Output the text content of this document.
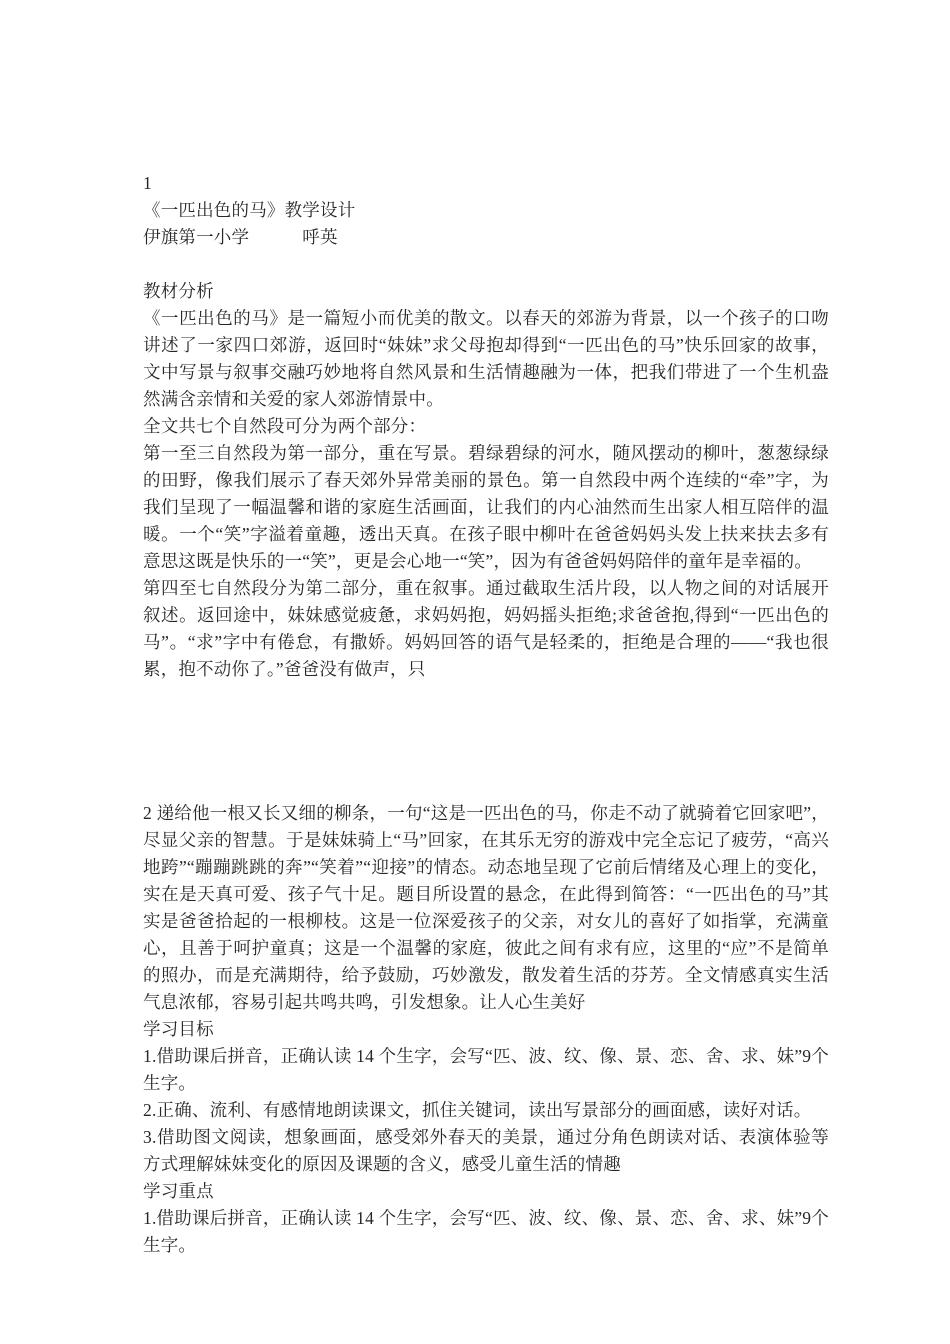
1

《一匹出色的马》教学设计

伊旗第一小学　　　呼英

教材分析

《一匹出色的马》是一篇短小而优美的散文。以春天的郊游为背景，以一个孩子的口吻讲述了一家四口郊游，返回时“妹妹”求父母抱却得到“一匹出色的马”快乐回家的故事，文中写景与叙事交融巧妙地将自然风景和生活情趣融为一体，把我们带进了一个生机盎然满含亲情和关爱的家人郊游情景中。

全文共七个自然段可分为两个部分：

第一至三自然段为第一部分，重在写景。碧绿碧绿的河水，随风摆动的柳叶，葱葱绿绿的田野，像我们展示了春天郊外异常美丽的景色。第一自然段中两个连续的“牵”字，为我们呈现了一幅温馨和谐的家庭生活画面，让我们的内心油然而生出家人相互陪伴的温暖。一个“笑”字溢着童趣，透出天真。在孩子眼中柳叶在爸爸妈妈头发上扶来扶去多有意思这既是快乐的一“笑”，更是会心地一“笑”，因为有爸爸妈妈陪伴的童年是幸福的。

第四至七自然段分为第二部分，重在叙事。通过截取生活片段，以人物之间的对话展开叙述。返回途中，妹妹感觉疲惫，求妈妈抱，妈妈摇头拒绝;求爸爸抱,得到“一匹出色的马”。“求”字中有倦怠，有撒娇。妈妈回答的语气是轻柔的，拒绝是合理的——“我也很累，抱不动你了。”爸爸没有做声，只

2 递给他一根又长又细的柳条，一句“这是一匹出色的马，你走不动了就骑着它回家吧”，尽显父亲的智慧。于是妹妹骑上“马”回家，在其乐无穷的游戏中完全忘记了疲劳，“高兴地跨”“蹦蹦跳跳的奔”“笑着”“迎接”的情态。动态地呈现了它前后情绪及心理上的变化，实在是天真可爱、孩子气十足。题目所设置的悬念，在此得到简答：“一匹出色的马”其实是爸爸拾起的一根柳枝。这是一位深爱孩子的父亲，对女儿的喜好了如指掌，充满童心，且善于呵护童真；这是一个温馨的家庭，彼此之间有求有应，这里的“应”不是简单的照办，而是充满期待，给予鼓励，巧妙激发，散发着生活的芬芳。全文情感真实生活气息浓郁，容易引起共鸣共鸣，引发想象。让人心生美好

学习目标

1.借助课后拼音，正确认读 14 个生字，会写“匹、波、纹、像、景、恋、舍、求、妹”9个生字。

2.正确、流利、有感情地朗读课文，抓住关键词，读出写景部分的画面感，读好对话。

3.借助图文阅读，想象画面，感受郊外春天的美景，通过分角色朗读对话、表演体验等方式理解妹妹变化的原因及课题的含义，感受儿童生活的情趣

学习重点

1.借助课后拼音，正确认读 14 个生字，会写“匹、波、纹、像、景、恋、舍、求、妹”9个生字。
